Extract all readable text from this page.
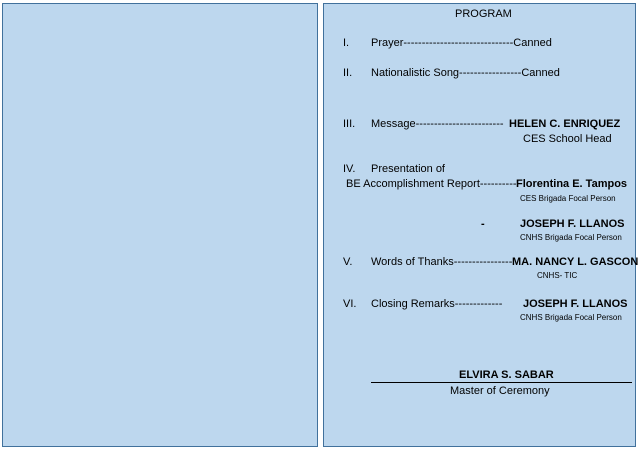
PROGRAM
I. Prayer------------------------------Canned
II. Nationalistic Song-----------------Canned
III. Message------------------------ HELEN C. ENRIQUEZ
CES School Head
IV. Presentation of
BE Accomplishment Report---------- Florentina E. Tampos
CES Brigada Focal Person
-	JOSEPH F. LLANOS
CNHS Brigada Focal Person
V. Words of Thanks---------------- MA. NANCY L. GASCON
CNHS- TIC
VI. Closing Remarks------------- JOSEPH F. LLANOS
CNHS Brigada Focal Person
ELVIRA S. SABAR
Master of Ceremony
